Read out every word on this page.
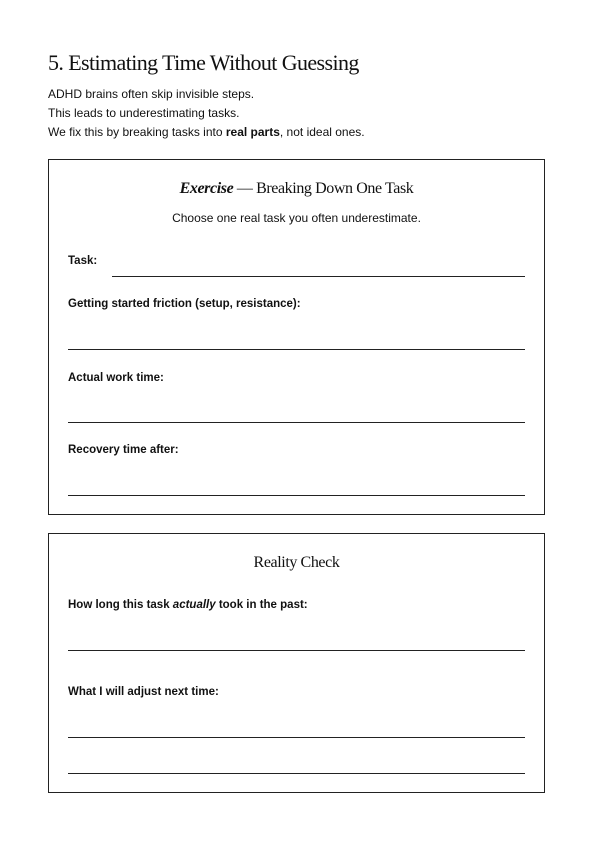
5. Estimating Time Without Guessing

ADHD brains often skip invisible steps.

This leads to underestimating tasks.

We fix this by breaking tasks into real parts, not ideal ones.

Exercise — Breaking Down One Task
Choose one real task you often underestimate.
Task:
Getting started friction (setup, resistance):
Actual work time:
Recovery time after:
Reality Check
How long this task actually took in the past:
What I will adjust next time:
